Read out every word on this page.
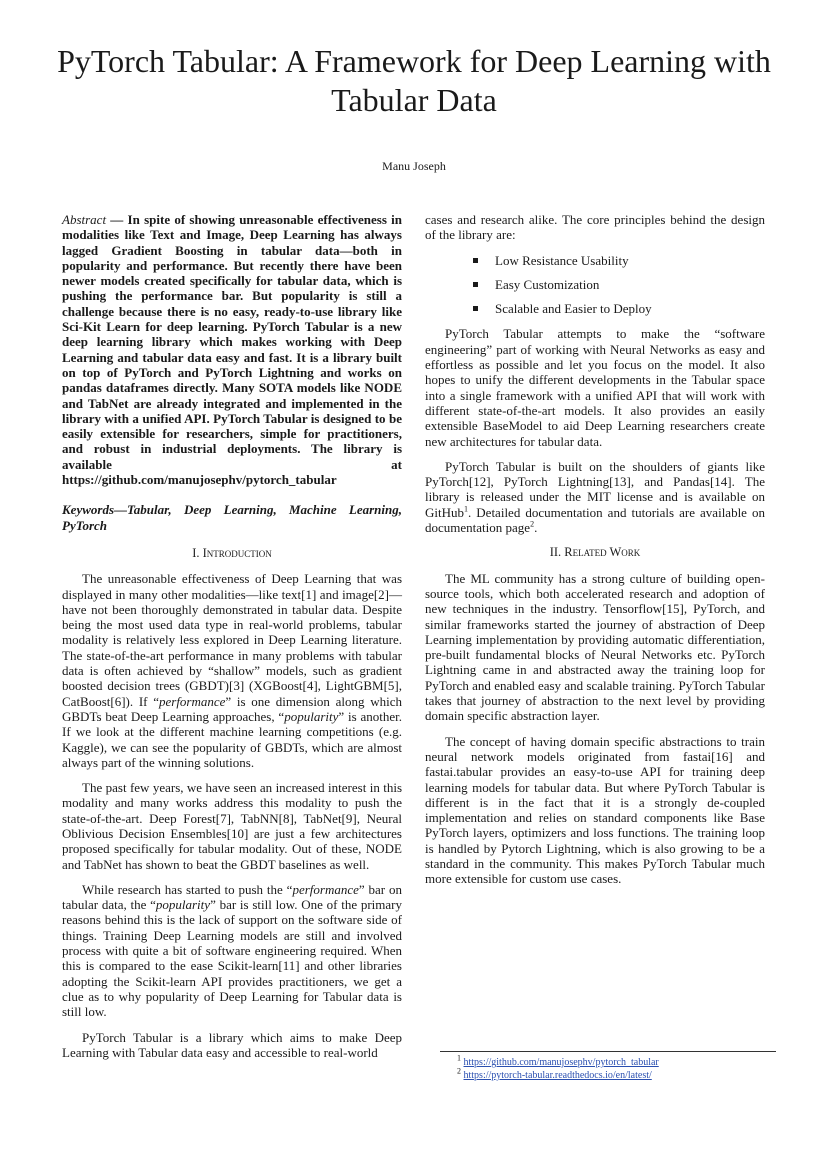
PyTorch Tabular: A Framework for Deep Learning with Tabular Data
Manu Joseph

Abstract — In spite of showing unreasonable effectiveness in modalities like Text and Image, Deep Learning has always lagged Gradient Boosting in tabular data—both in popularity and performance. But recently there have been newer models created specifically for tabular data, which is pushing the performance bar. But popularity is still a challenge because there is no easy, ready-to-use library like Sci-Kit Learn for deep learning. PyTorch Tabular is a new deep learning library which makes working with Deep Learning and tabular data easy and fast. It is a library built on top of PyTorch and PyTorch Lightning and works on pandas dataframes directly. Many SOTA models like NODE and TabNet are already integrated and implemented in the library with a unified API. PyTorch Tabular is designed to be easily extensible for researchers, simple for practitioners, and robust in industrial deployments. The library is available at https://github.com/manujosephv/pytorch_tabular

Keywords—Tabular, Deep Learning, Machine Learning, PyTorch

I. Introduction

The unreasonable effectiveness of Deep Learning that was displayed in many other modalities—like text[1] and image[2]—have not been thoroughly demonstrated in tabular data. Despite being the most used data type in real-world problems, tabular modality is relatively less explored in Deep Learning literature. The state-of-the-art performance in many problems with tabular data is often achieved by “shallow” models, such as gradient boosted decision trees (GBDT)[3] (XGBoost[4], LightGBM[5], CatBoost[6]). If “performance” is one dimension along which GBDTs beat Deep Learning approaches, “popularity” is another. If we look at the different machine learning competitions (e.g. Kaggle), we can see the popularity of GBDTs, which are almost always part of the winning solutions.

The past few years, we have seen an increased interest in this modality and many works address this modality to push the state-of-the-art. Deep Forest[7], TabNN[8], TabNet[9], Neural Oblivious Decision Ensembles[10] are just a few architectures proposed specifically for tabular modality. Out of these, NODE and TabNet has shown to beat the GBDT baselines as well.

While research has started to push the “performance” bar on tabular data, the “popularity” bar is still low. One of the primary reasons behind this is the lack of support on the software side of things. Training Deep Learning models are still and involved process with quite a bit of software engineering required. When this is compared to the ease Scikit-learn[11] and other libraries adopting the Scikit-learn API provides practitioners, we get a clue as to why popularity of Deep Learning for Tabular data is still low.

PyTorch Tabular is a library which aims to make Deep Learning with Tabular data easy and accessible to real-world

cases and research alike. The core principles behind the design of the library are:

Low Resistance Usability
Easy Customization
Scalable and Easier to Deploy

PyTorch Tabular attempts to make the “software engineering” part of working with Neural Networks as easy and effortless as possible and let you focus on the model. It also hopes to unify the different developments in the Tabular space into a single framework with a unified API that will work with different state-of-the-art models. It also provides an easily extensible BaseModel to aid Deep Learning researchers create new architectures for tabular data.

PyTorch Tabular is built on the shoulders of giants like PyTorch[12], PyTorch Lightning[13], and Pandas[14]. The library is released under the MIT license and is available on GitHub$^1$. Detailed documentation and tutorials are available on documentation page$^2$.

II. Related Work

The ML community has a strong culture of building open-source tools, which both accelerated research and adoption of new techniques in the industry. Tensorflow[15], PyTorch, and similar frameworks started the journey of abstraction of Deep Learning implementation by providing automatic differentiation, pre-built fundamental blocks of Neural Networks etc. PyTorch Lightning came in and abstracted away the training loop for PyTorch and enabled easy and scalable training. PyTorch Tabular takes that journey of abstraction to the next level by providing domain specific abstraction layer.

The concept of having domain specific abstractions to train neural network models originated from fastai[16] and fastai.tabular provides an easy-to-use API for training deep learning models for tabular data. But where PyTorch Tabular is different is in the fact that it is a strongly de-coupled implementation and relies on standard components like Base PyTorch layers, optimizers and loss functions. The training loop is handled by Pytorch Lightning, which is also growing to be a standard in the community. This makes PyTorch Tabular much more extensible for custom use cases.

$^1$ https://github.com/manujosephv/pytorch_tabular
$^2$ https://pytorch-tabular.readthedocs.io/en/latest/
